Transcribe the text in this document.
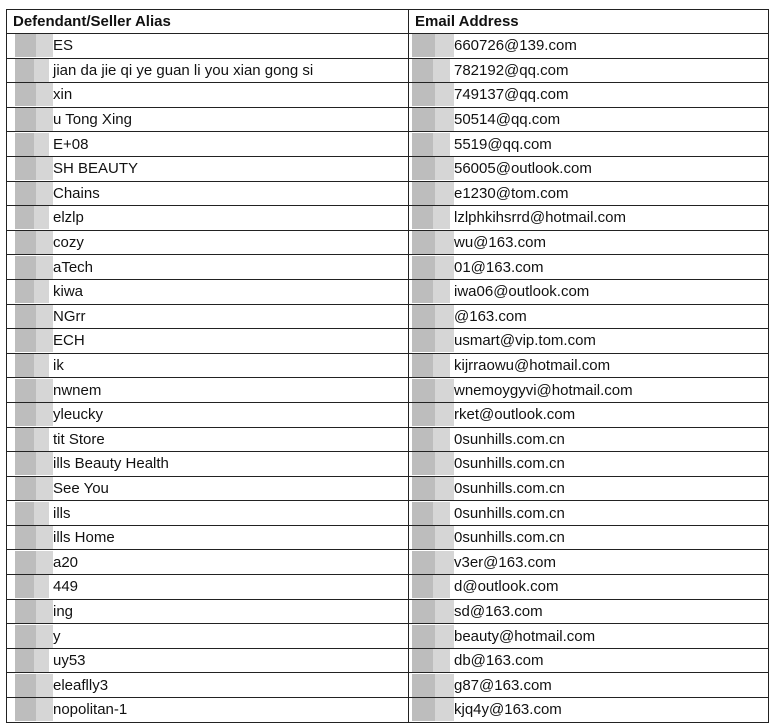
Defendant/Seller Alias	Email Address

ES	660726@139.com

jian da jie qi ye guan li you xian gong si	782192@qq.com

xin	749137@qq.com

u Tong Xing	50514@qq.com

E+08	5519@qq.com

SH BEAUTY	56005@outlook.com

Chains	e1230@tom.com

elzlp	lzlphkihsrrd@hotmail.com

cozy	wu@163.com

aTech	01@163.com

kiwa	iwa06@outlook.com

NGrr	@163.com

ECH	usmart@vip.tom.com

ik	kijrraowu@hotmail.com

nwnem	wnemoygyvi@hotmail.com

yleucky	rket@outlook.com

tit Store	0sunhills.com.cn

ills Beauty Health	0sunhills.com.cn

See You	0sunhills.com.cn

ills	0sunhills.com.cn

ills Home	0sunhills.com.cn

a20	v3er@163.com

449	d@outlook.com

ing	sd@163.com

y	beauty@hotmail.com

uy53	db@163.com

eleaflly3	g87@163.com

nopolitan-1	kjq4y@163.com
